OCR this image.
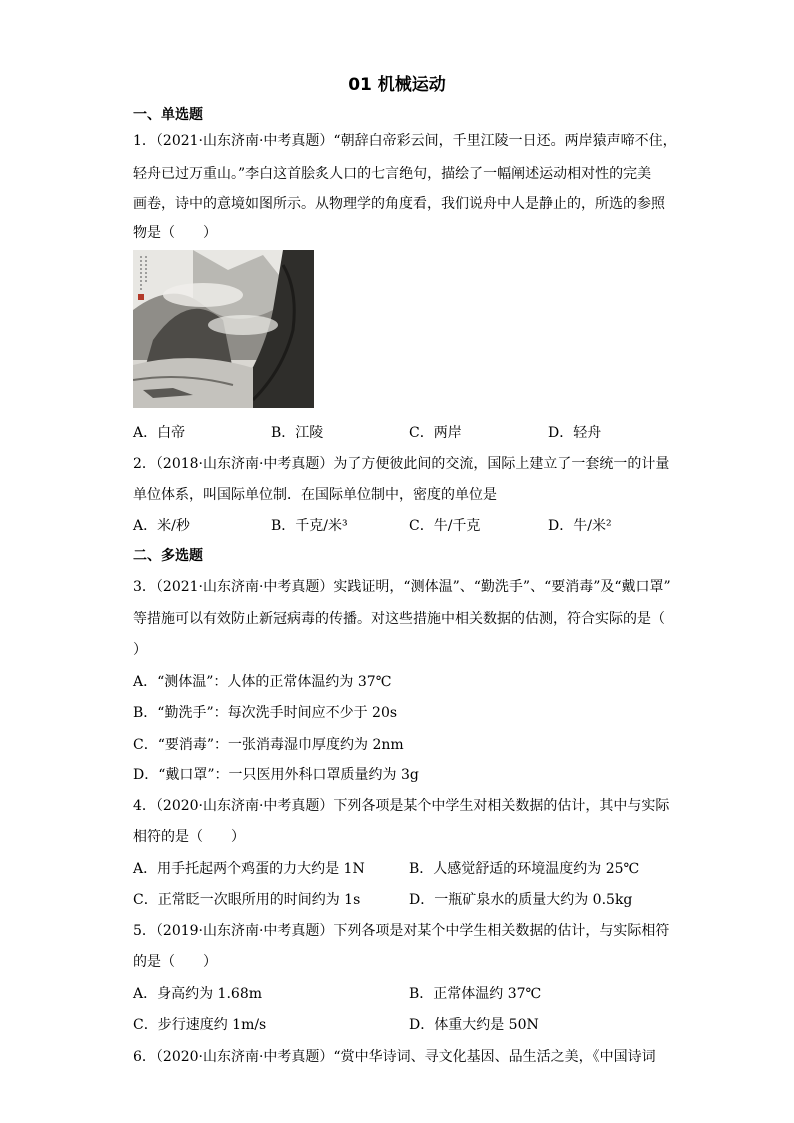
01 机械运动
一、单选题
1．（2021·山东济南·中考真题）“朝辞白帝彩云间，千里江陵一日还。两岸猿声啼不住，
轻舟已过万重山。”李白这首脍炙人口的七言绝句，描绘了一幅阐述运动相对性的完美
画卷，诗中的意境如图所示。从物理学的角度看，我们说舟中人是静止的，所选的参照
物是（　　）
A．白帝	B．江陵	C．两岸	D．轻舟
2．（2018·山东济南·中考真题）为了方便彼此间的交流，国际上建立了一套统一的计量
单位体系，叫国际单位制．在国际单位制中，密度的单位是
A．米/秒	B．千克/米³	C．牛/千克	D．牛/米²
二、多选题
3．（2021·山东济南·中考真题）实践证明，“测体温”、“勤洗手”、“要消毒”及“戴口罩”
等措施可以有效防止新冠病毒的传播。对这些措施中相关数据的估测，符合实际的是（
）
A．“测体温”：人体的正常体温约为 37℃
B．“勤洗手”：每次洗手时间应不少于 20s
C．“要消毒”：一张消毒湿巾厚度约为 2nm
D．“戴口罩”：一只医用外科口罩质量约为 3g
4．（2020·山东济南·中考真题）下列各项是某个中学生对相关数据的估计，其中与实际
相符的是（　　）
A．用手托起两个鸡蛋的力大约是 1N	B．人感觉舒适的环境温度约为 25℃
C．正常眨一次眼所用的时间约为 1s	D．一瓶矿泉水的质量大约为 0.5kg
5．（2019·山东济南·中考真题）下列各项是对某个中学生相关数据的估计，与实际相符
的是（　　）
A．身高约为 1.68m	B．正常体温约 37℃
C．步行速度约 1m/s	D．体重大约是 50N
6．（2020·山东济南·中考真题）“赏中华诗词、寻文化基因、品生活之美，《中国诗词
